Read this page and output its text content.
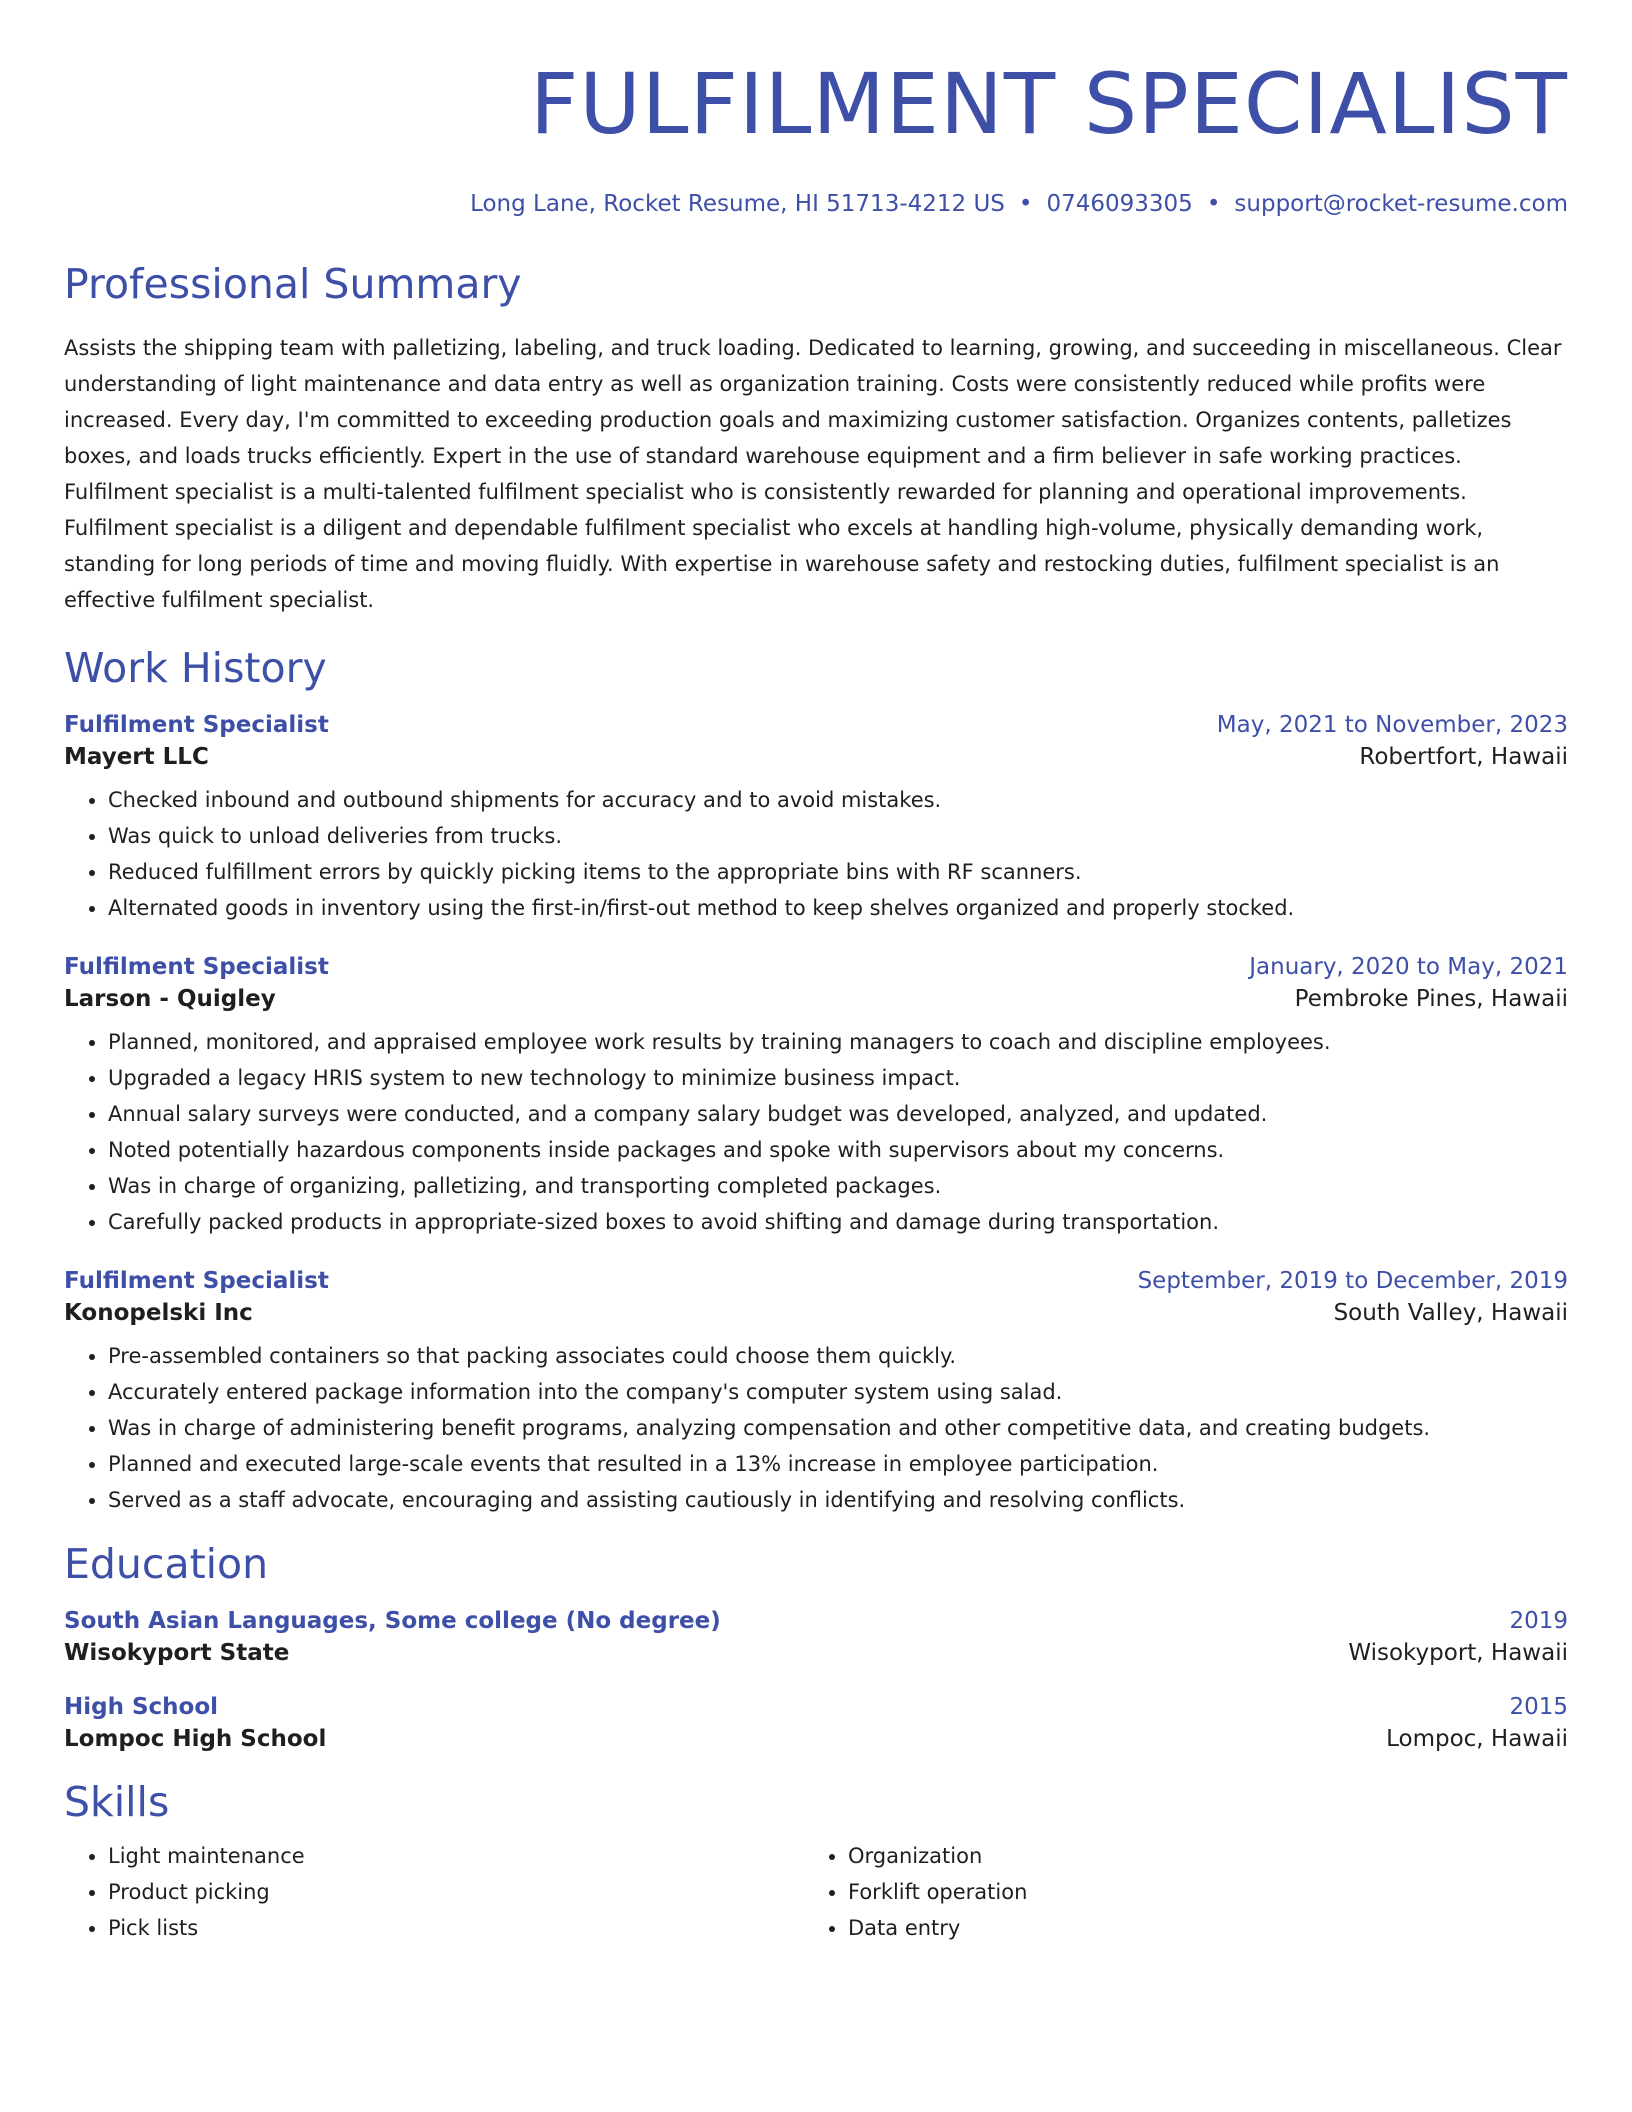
FULFILMENT SPECIALIST
Long Lane, Rocket Resume, HI 51713-4212 US • 0746093305 • support@rocket-resume.com
Professional Summary

Assists the shipping team with palletizing, labeling, and truck loading. Dedicated to learning, growing, and succeeding in miscellaneous. Clear understanding of light maintenance and data entry as well as organization training. Costs were consistently reduced while profits were increased. Every day, I'm committed to exceeding production goals and maximizing customer satisfaction. Organizes contents, palletizes boxes, and loads trucks efficiently. Expert in the use of standard warehouse equipment and a firm believer in safe working practices. Fulfilment specialist is a multi-talented fulfilment specialist who is consistently rewarded for planning and operational improvements. Fulfilment specialist is a diligent and dependable fulfilment specialist who excels at handling high-volume, physically demanding work, standing for long periods of time and moving fluidly. With expertise in warehouse safety and restocking duties, fulfilment specialist is an effective fulfilment specialist.

Work History
Fulfilment Specialist	May, 2021 to November, 2023
Mayert LLC	Robertfort, Hawaii
• Checked inbound and outbound shipments for accuracy and to avoid mistakes.
• Was quick to unload deliveries from trucks.
• Reduced fulfillment errors by quickly picking items to the appropriate bins with RF scanners.
• Alternated goods in inventory using the first-in/first-out method to keep shelves organized and properly stocked.
Fulfilment Specialist	January, 2020 to May, 2021
Larson - Quigley	Pembroke Pines, Hawaii
• Planned, monitored, and appraised employee work results by training managers to coach and discipline employees.
• Upgraded a legacy HRIS system to new technology to minimize business impact.
• Annual salary surveys were conducted, and a company salary budget was developed, analyzed, and updated.
• Noted potentially hazardous components inside packages and spoke with supervisors about my concerns.
• Was in charge of organizing, palletizing, and transporting completed packages.
• Carefully packed products in appropriate-sized boxes to avoid shifting and damage during transportation.
Fulfilment Specialist	September, 2019 to December, 2019
Konopelski Inc	South Valley, Hawaii
• Pre-assembled containers so that packing associates could choose them quickly.
• Accurately entered package information into the company's computer system using salad.
• Was in charge of administering benefit programs, analyzing compensation and other competitive data, and creating budgets.
• Planned and executed large-scale events that resulted in a 13% increase in employee participation.
• Served as a staff advocate, encouraging and assisting cautiously in identifying and resolving conflicts.
Education
South Asian Languages, Some college (No degree)	2019
Wisokyport State	Wisokyport, Hawaii
High School	2015
Lompoc High School	Lompoc, Hawaii
Skills
• Light maintenance
• Product picking
• Pick lists
• Organization
• Forklift operation
• Data entry
